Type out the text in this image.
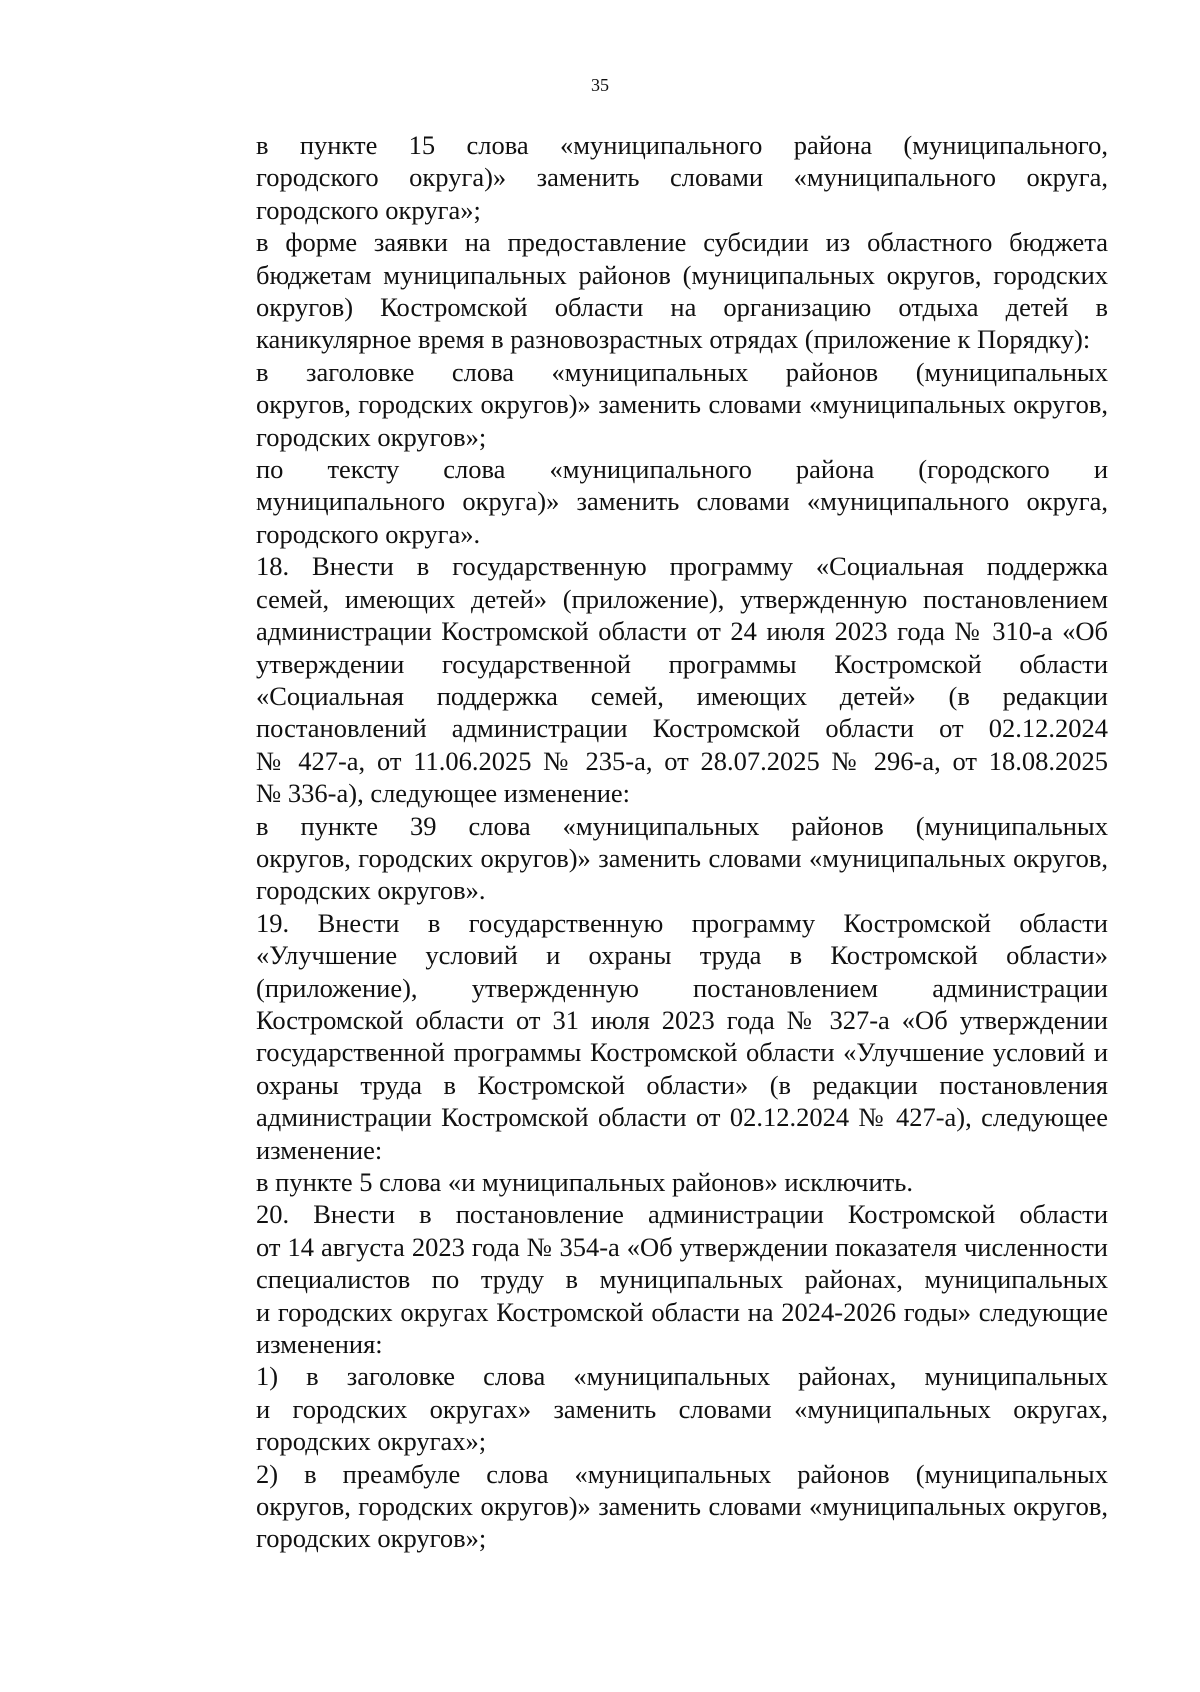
35

в пункте 15 слова «муниципального района (муниципального,
городского округа)» заменить словами «муниципального округа,
городского округа»;

в форме заявки на предоставление субсидии из областного бюджета
бюджетам муниципальных районов (муниципальных округов, городских
округов) Костромской области на организацию отдыха детей в
каникулярное время в разновозрастных отрядах (приложение к Порядку):

в заголовке слова «муниципальных районов (муниципальных
округов, городских округов)» заменить словами «муниципальных округов,
городских округов»;

по тексту слова «муниципального района (городского и
муниципального округа)» заменить словами «муниципального округа,
городского округа».

18. Внести в государственную программу «Социальная поддержка
семей, имеющих детей» (приложение), утвержденную постановлением
администрации Костромской области от 24 июля 2023 года № 310-а «Об
утверждении государственной программы Костромской области
«Социальная поддержка семей, имеющих детей» (в редакции
постановлений администрации Костромской области от 02.12.2024
№ 427-а, от 11.06.2025 № 235-а, от 28.07.2025 № 296-а, от 18.08.2025
№ 336-а), следующее изменение:

в пункте 39 слова «муниципальных районов (муниципальных
округов, городских округов)» заменить словами «муниципальных округов,
городских округов».

19. Внести в государственную программу Костромской области
«Улучшение условий и охраны труда в Костромской области»
(приложение), утвержденную постановлением администрации
Костромской области от 31 июля 2023 года № 327-а «Об утверждении
государственной программы Костромской области «Улучшение условий и
охраны труда в Костромской области» (в редакции постановления
администрации Костромской области от 02.12.2024 № 427-а), следующее
изменение:

в пункте 5 слова «и муниципальных районов» исключить.

20. Внести в постановление администрации Костромской области
от 14 августа 2023 года № 354-а «Об утверждении показателя численности
специалистов по труду в муниципальных районах, муниципальных
и городских округах Костромской области на 2024-2026 годы» следующие
изменения:

1) в заголовке слова «муниципальных районах, муниципальных
и городских округах» заменить словами «муниципальных округах,
городских округах»;

2) в преамбуле слова «муниципальных районов (муниципальных
округов, городских округов)» заменить словами «муниципальных округов,
городских округов»;
